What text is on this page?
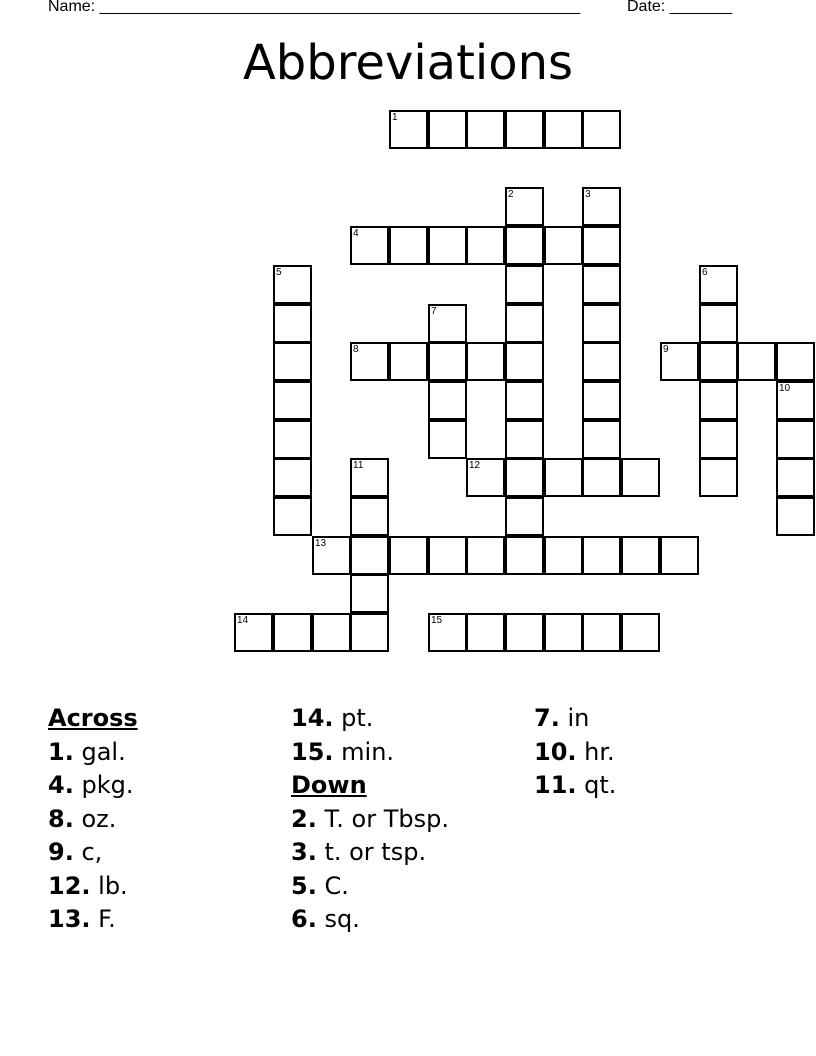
Name: ______________________________________________________	Date: _______
Abbreviations
1
2	3
4
5	6
7
8	9
10
11	12
13
14	15
Across
1. gal.
4. pkg.
8. oz.
9. c,
12. lb.
13. F.
14. pt.
15. min.
Down
2. T. or Tbsp.
3. t. or tsp.
5. C.
6. sq.
7. in
10. hr.
11. qt.
